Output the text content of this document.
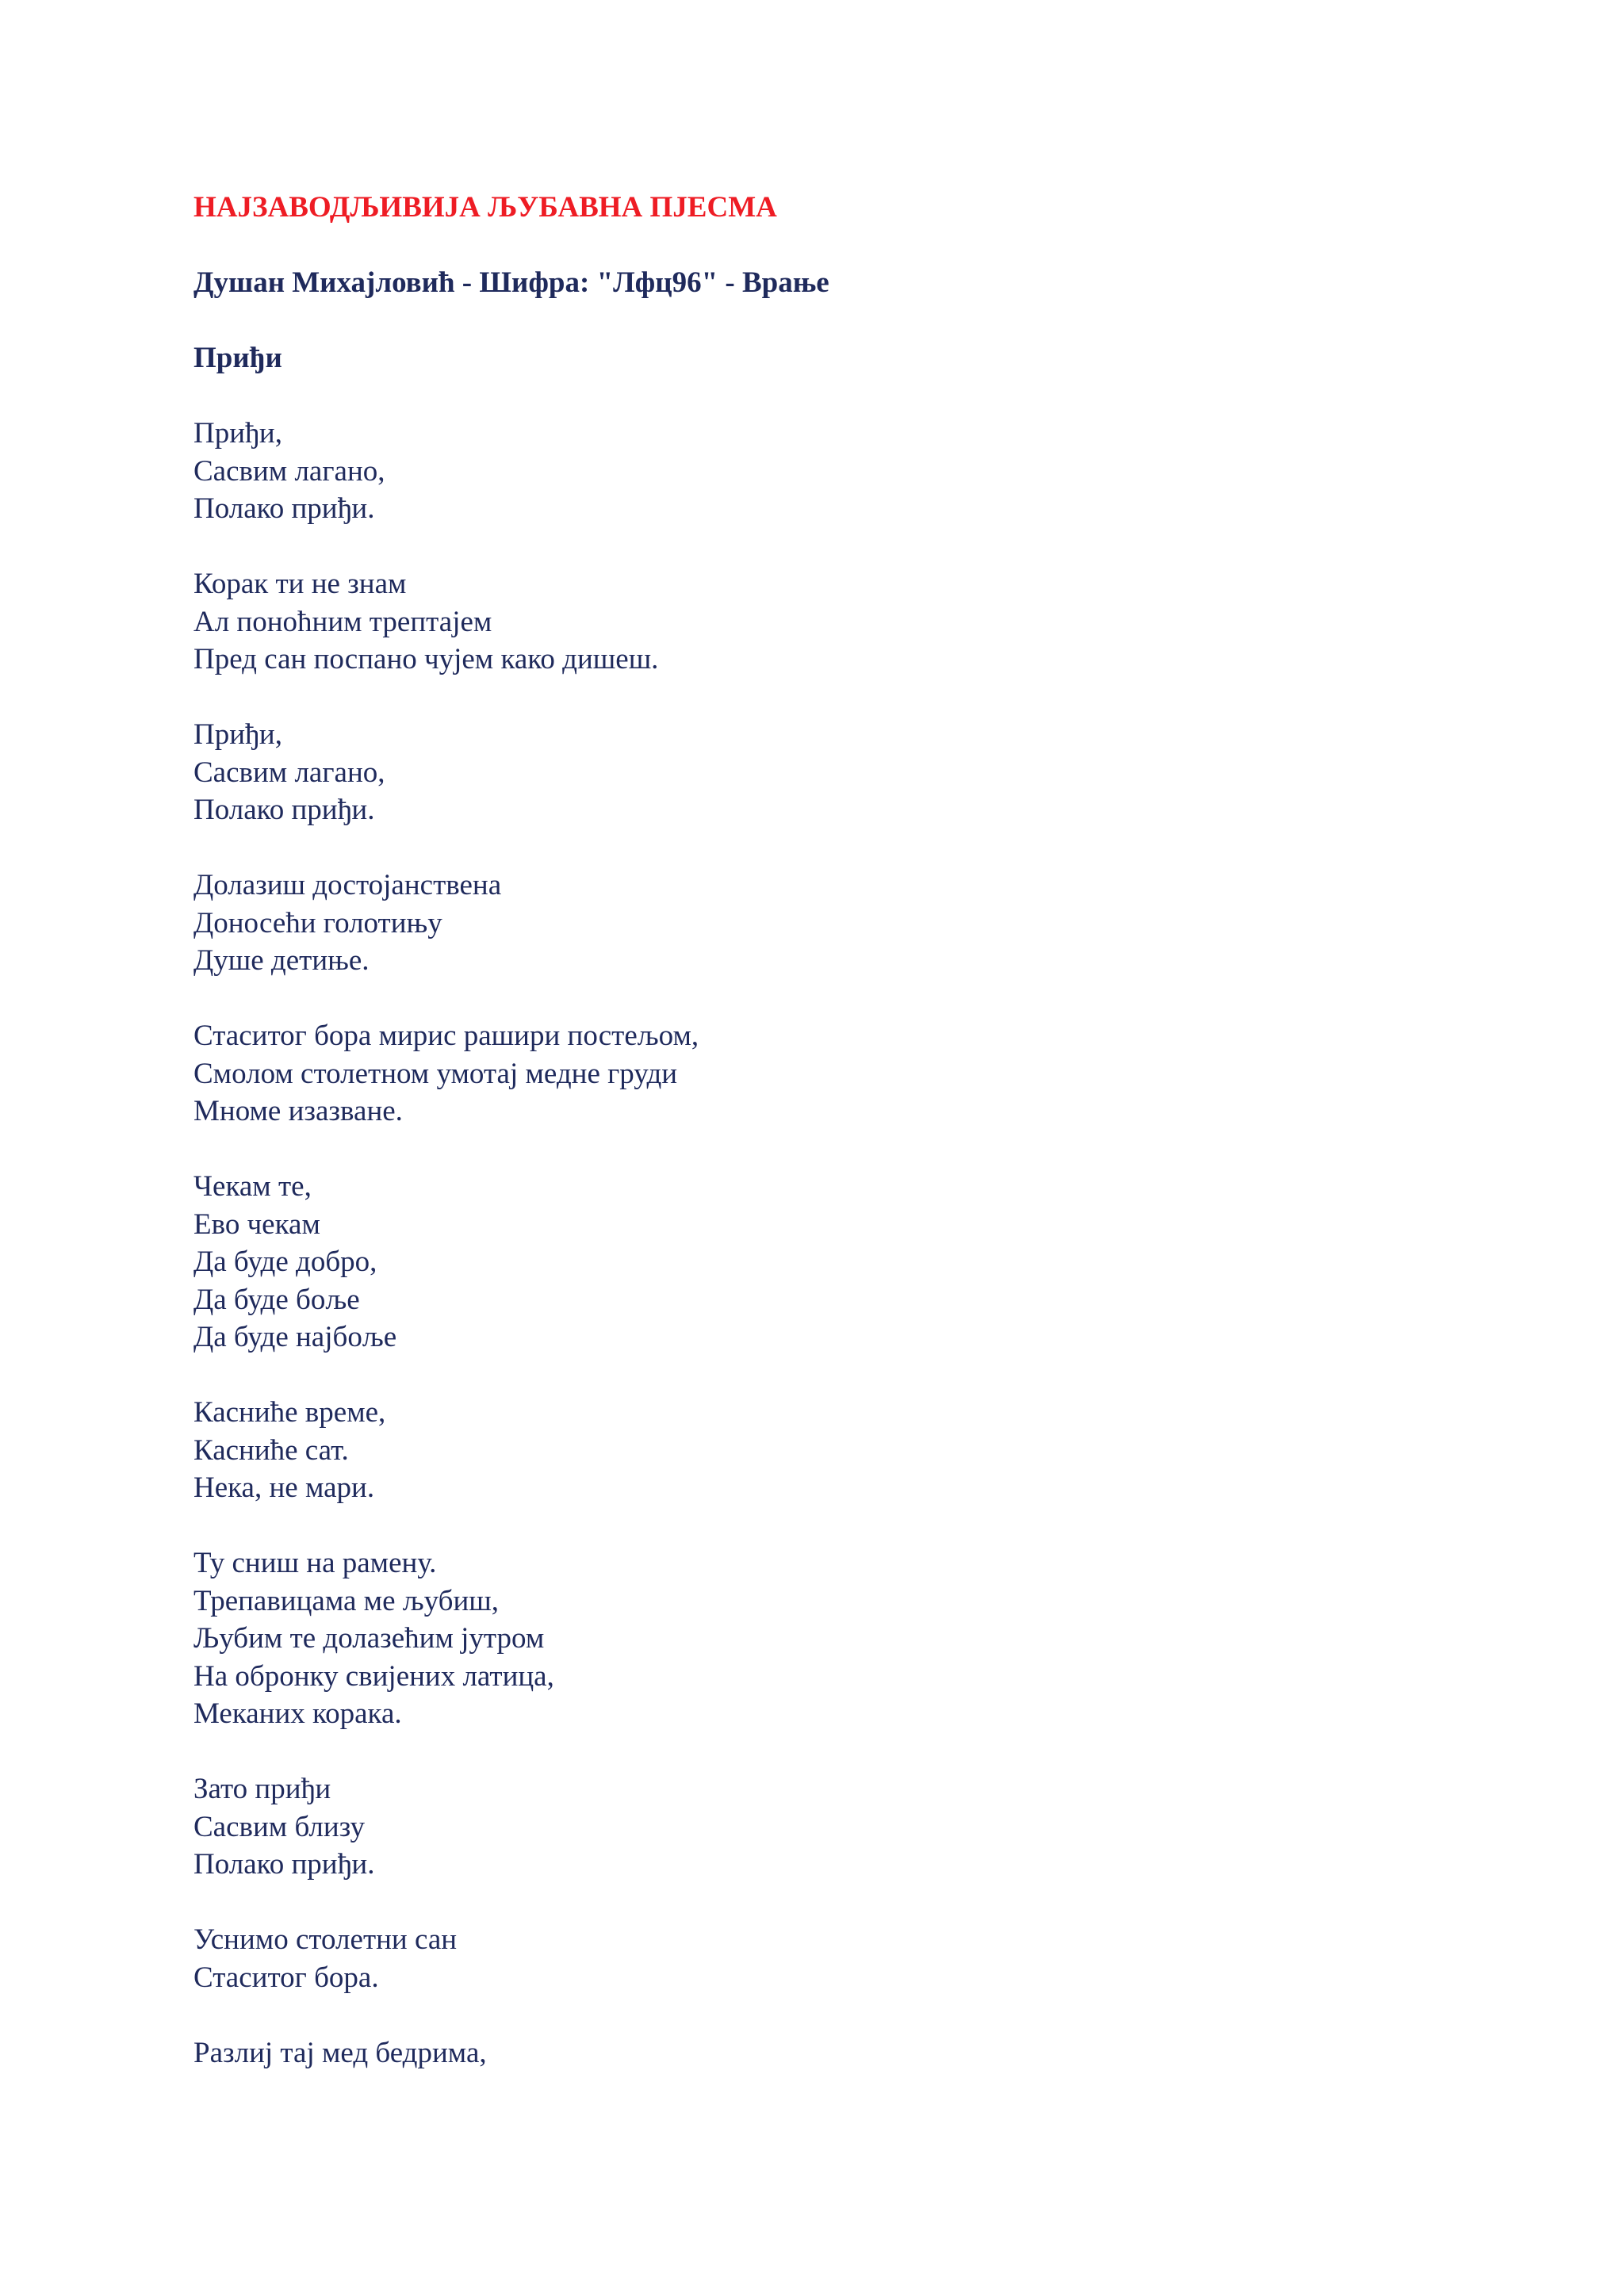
НАЈЗАВОДЉИВИЈА ЉУБАВНА ПЈЕСМА
Душан Михајловић - Шифра: "Лфц96" - Врање
Приђи
Приђи,
Сасвим лагано,
Полако приђи.
Корак ти не знам
Ал поноћним трептајем
Пред сан поспано чујем како дишеш.
Приђи,
Сасвим лагано,
Полако приђи.
Долазиш достојанствена
Доносећи голотињу
Душе детиње.
Стаситог бора мирис рашири постељом,
Смолом столетном умотај медне груди
Мноме изазване.
Чекам те,
Ево чекам
Да буде добро,
Да буде боље
Да буде најбоље
Касниће време,
Касниће сат.
Нека, не мари.
Ту сниш на рамену.
Трепавицама ме љубиш,
Љубим те долазећим јутром
На обронку свијених латица,
Меканих корака.
Зато приђи
Сасвим близу
Полако приђи.
Уснимо столетни сан
Стаситог бора.
Разлиј тај мед бедрима,
